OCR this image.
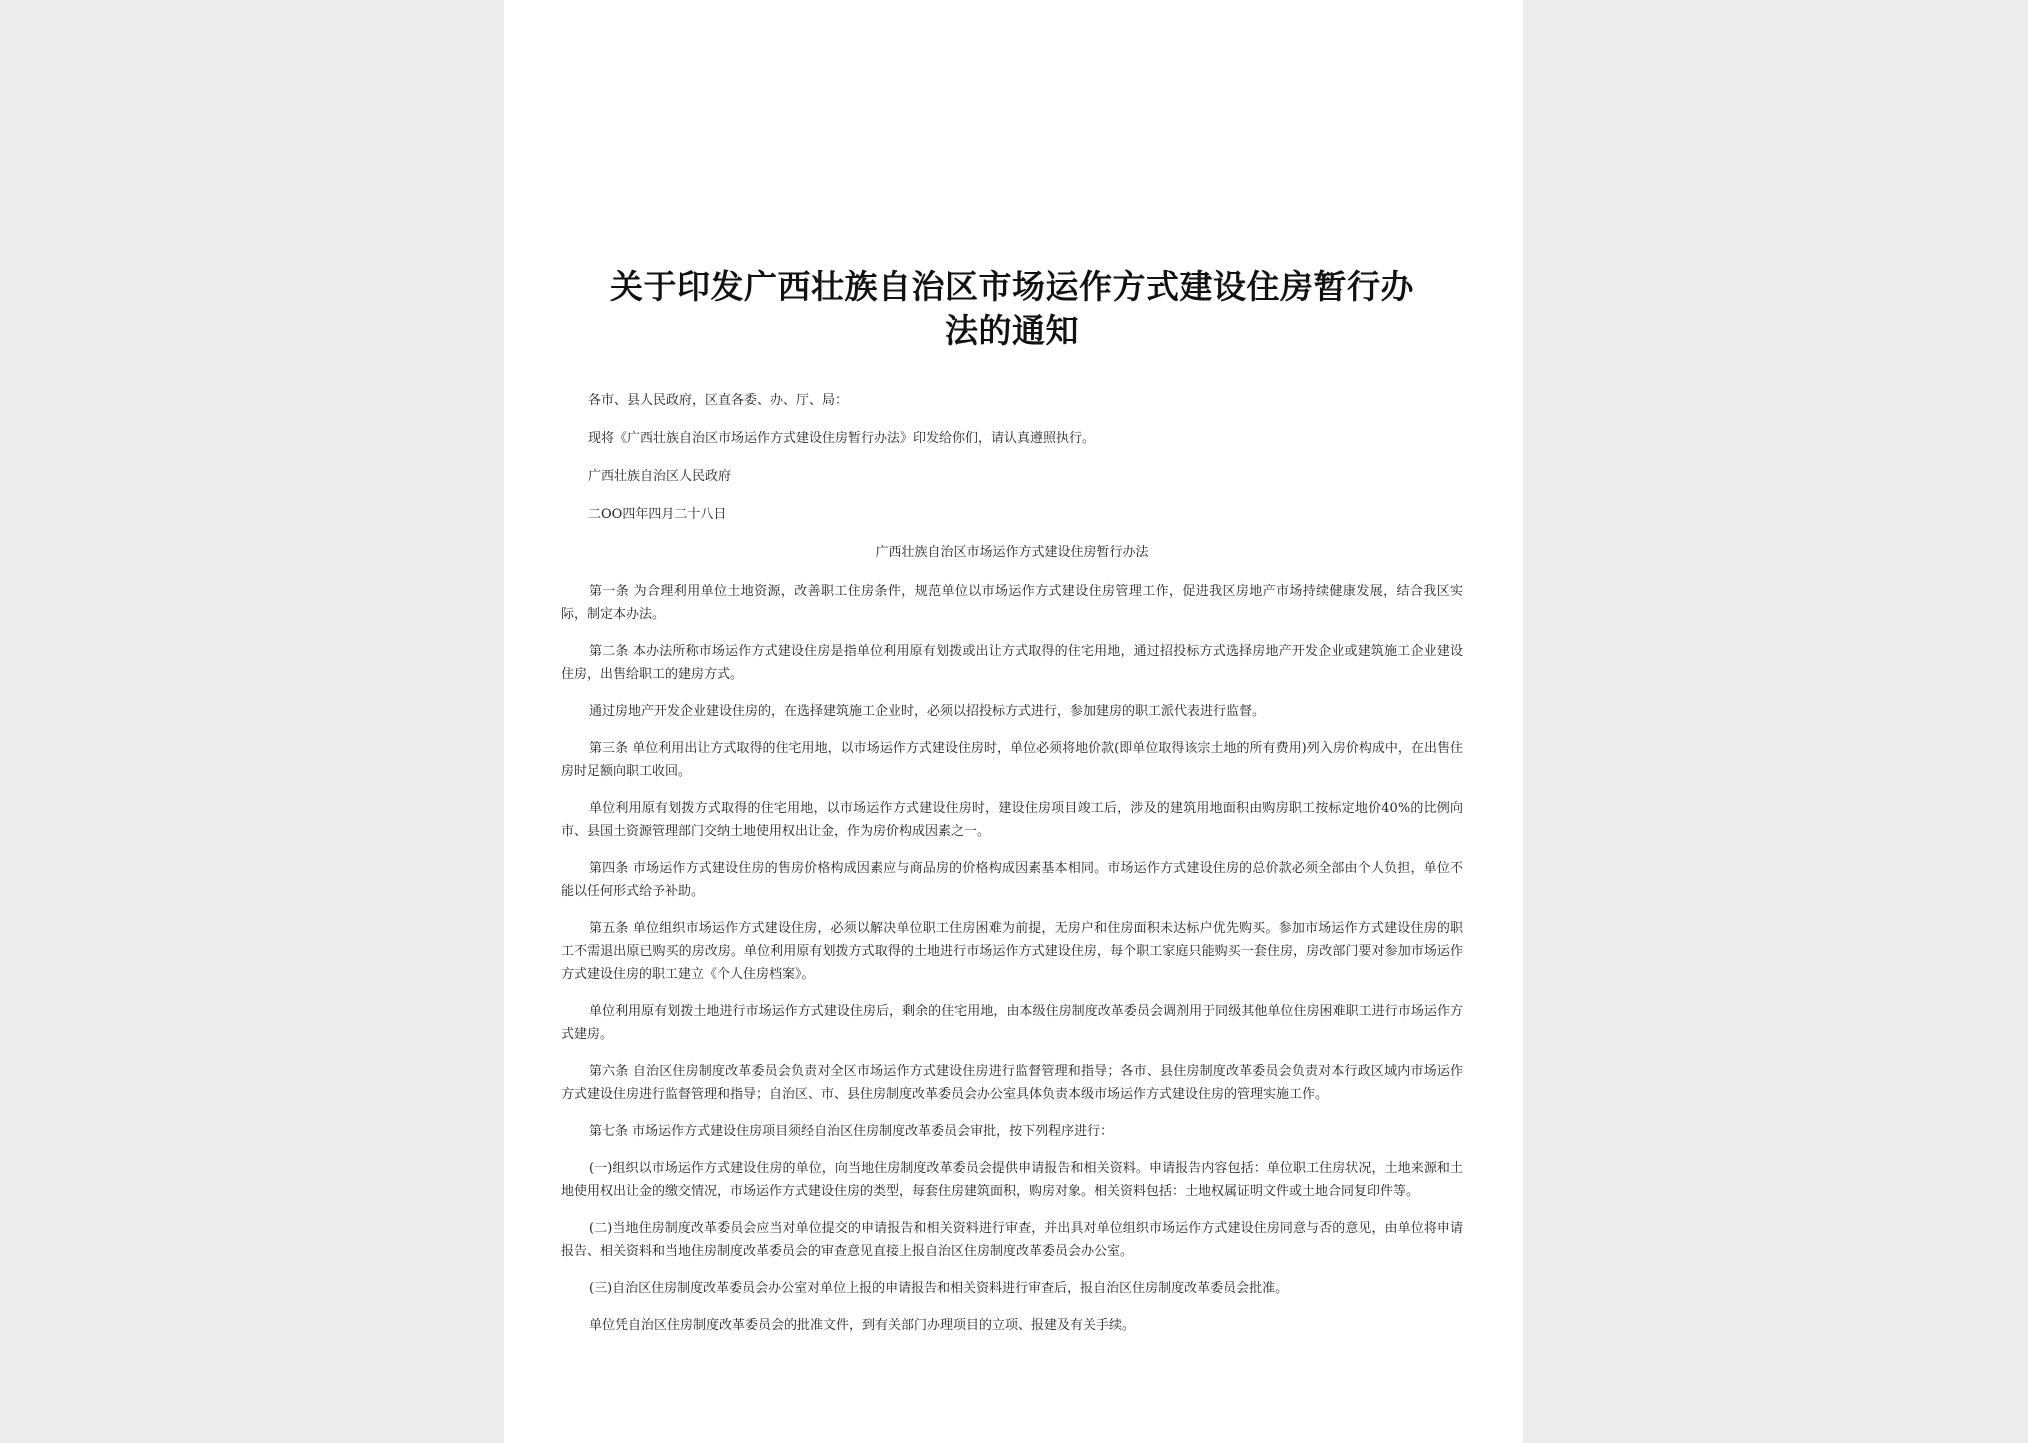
关于印发广西壮族自治区市场运作方式建设住房暂行办
法的通知

各市、县人民政府，区直各委、办、厅、局：

现将《广西壮族自治区市场运作方式建设住房暂行办法》印发给你们，请认真遵照执行。

广西壮族自治区人民政府

二OO四年四月二十八日

广西壮族自治区市场运作方式建设住房暂行办法

第一条 为合理利用单位土地资源，改善职工住房条件，规范单位以市场运作方式建设住房管理工作，促进我区房地产市场持续健康发展，结合我区实际，制定本办法。

第二条 本办法所称市场运作方式建设住房是指单位利用原有划拨或出让方式取得的住宅用地，通过招投标方式选择房地产开发企业或建筑施工企业建设住房，出售给职工的建房方式。

通过房地产开发企业建设住房的，在选择建筑施工企业时，必须以招投标方式进行，参加建房的职工派代表进行监督。

第三条 单位利用出让方式取得的住宅用地，以市场运作方式建设住房时，单位必须将地价款(即单位取得该宗土地的所有费用)列入房价构成中，在出售住房时足额向职工收回。

单位利用原有划拨方式取得的住宅用地，以市场运作方式建设住房时，建设住房项目竣工后，涉及的建筑用地面积由购房职工按标定地价40%的比例向市、县国土资源管理部门交纳土地使用权出让金，作为房价构成因素之一。

第四条 市场运作方式建设住房的售房价格构成因素应与商品房的价格构成因素基本相同。市场运作方式建设住房的总价款必须全部由个人负担，单位不能以任何形式给予补助。

第五条 单位组织市场运作方式建设住房，必须以解决单位职工住房困难为前提，无房户和住房面积未达标户优先购买。参加市场运作方式建设住房的职工不需退出原已购买的房改房。单位利用原有划拨方式取得的土地进行市场运作方式建设住房，每个职工家庭只能购买一套住房，房改部门要对参加市场运作方式建设住房的职工建立《个人住房档案》。

单位利用原有划拨土地进行市场运作方式建设住房后，剩余的住宅用地，由本级住房制度改革委员会调剂用于同级其他单位住房困难职工进行市场运作方式建房。

第六条 自治区住房制度改革委员会负责对全区市场运作方式建设住房进行监督管理和指导；各市、县住房制度改革委员会负责对本行政区域内市场运作方式建设住房进行监督管理和指导；自治区、市、县住房制度改革委员会办公室具体负责本级市场运作方式建设住房的管理实施工作。

第七条 市场运作方式建设住房项目须经自治区住房制度改革委员会审批，按下列程序进行：

(一)组织以市场运作方式建设住房的单位，向当地住房制度改革委员会提供申请报告和相关资料。申请报告内容包括：单位职工住房状况，土地来源和土地使用权出让金的缴交情况，市场运作方式建设住房的类型，每套住房建筑面积，购房对象。相关资料包括：土地权属证明文件或土地合同复印件等。

(二)当地住房制度改革委员会应当对单位提交的申请报告和相关资料进行审查，并出具对单位组织市场运作方式建设住房同意与否的意见，由单位将申请报告、相关资料和当地住房制度改革委员会的审查意见直接上报自治区住房制度改革委员会办公室。

(三)自治区住房制度改革委员会办公室对单位上报的申请报告和相关资料进行审查后，报自治区住房制度改革委员会批准。

单位凭自治区住房制度改革委员会的批准文件，到有关部门办理项目的立项、报建及有关手续。
